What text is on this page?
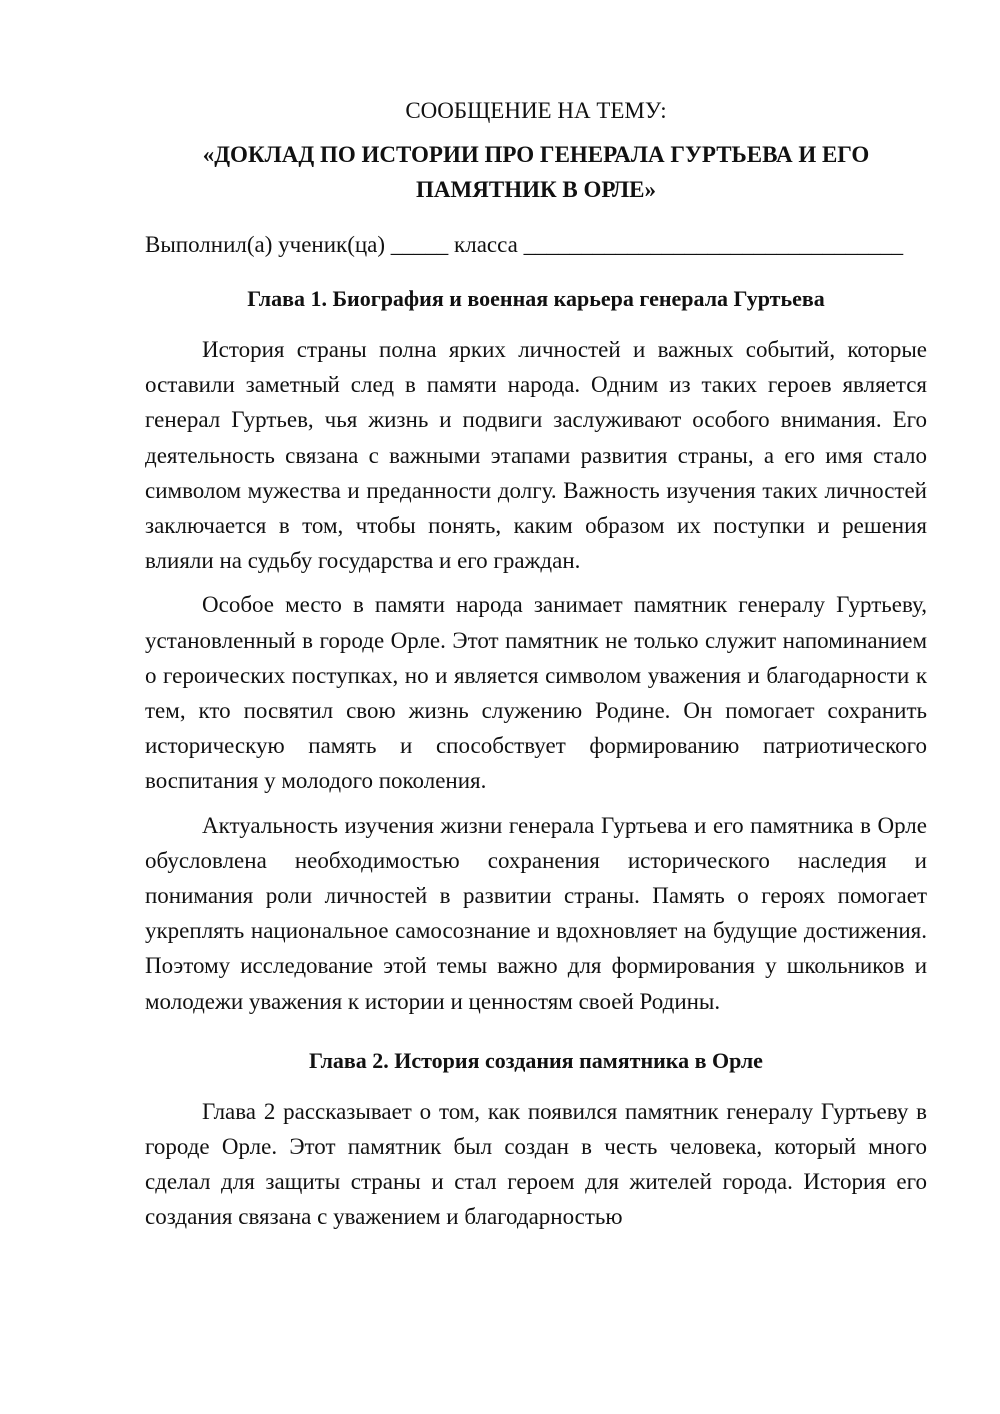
СООБЩЕНИЕ НА ТЕМУ:

«ДОКЛАД ПО ИСТОРИИ ПРО ГЕНЕРАЛА ГУРТЬЕВА И ЕГО ПАМЯТНИК В ОРЛЕ»

Выполнил(а) ученик(ца) _____ класса _________________________________

Глава 1. Биография и военная карьера генерала Гуртьева

История страны полна ярких личностей и важных событий, которые оставили заметный след в памяти народа. Одним из таких героев является генерал Гуртьев, чья жизнь и подвиги заслуживают особого внимания. Его деятельность связана с важными этапами развития страны, а его имя стало символом мужества и преданности долгу. Важность изучения таких личностей заключается в том, чтобы понять, каким образом их поступки и решения влияли на судьбу государства и его граждан.

Особое место в памяти народа занимает памятник генералу Гуртьеву, установленный в городе Орле. Этот памятник не только служит напоминанием о героических поступках, но и является символом уважения и благодарности к тем, кто посвятил свою жизнь служению Родине. Он помогает сохранить историческую память и способствует формированию патриотического воспитания у молодого поколения.

Актуальность изучения жизни генерала Гуртьева и его памятника в Орле обусловлена необходимостью сохранения исторического наследия и понимания роли личностей в развитии страны. Память о героях помогает укреплять национальное самосознание и вдохновляет на будущие достижения. Поэтому исследование этой темы важно для формирования у школьников и молодежи уважения к истории и ценностям своей Родины.

Глава 2. История создания памятника в Орле

Глава 2 рассказывает о том, как появился памятник генералу Гуртьеву в городе Орле. Этот памятник был создан в честь человека, который много сделал для защиты страны и стал героем для жителей города. История его создания связана с уважением и благодарностью
